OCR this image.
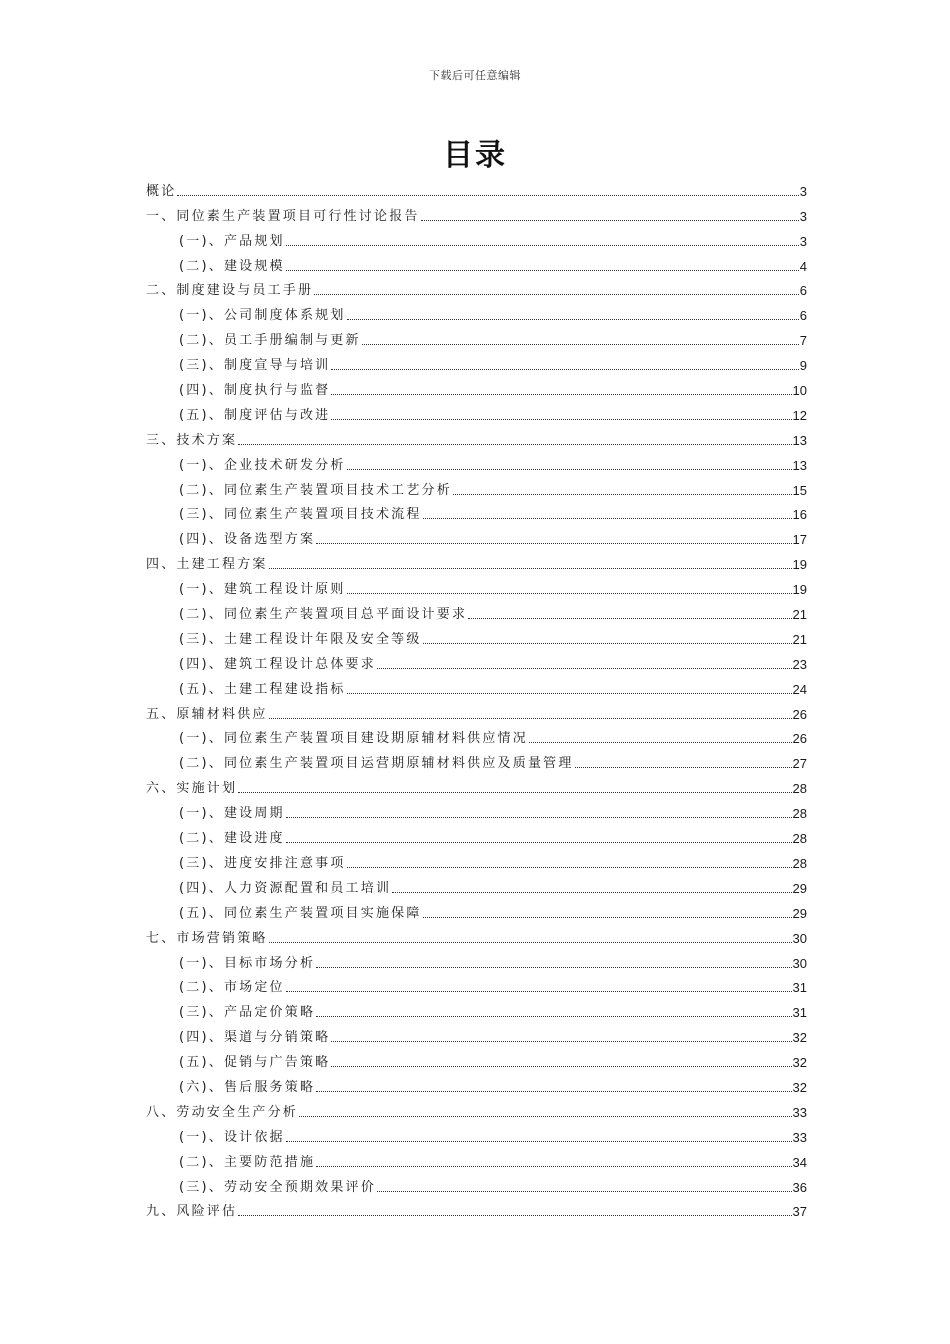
下载后可任意编辑
目录
概论	3
一、同位素生产装置项目可行性讨论报告	3
(一)、产品规划	3
(二)、建设规模	4
二、制度建设与员工手册	6
(一)、公司制度体系规划	6
(二)、员工手册编制与更新	7
(三)、制度宣导与培训	9
(四)、制度执行与监督	10
(五)、制度评估与改进	12
三、技术方案	13
(一)、企业技术研发分析	13
(二)、同位素生产装置项目技术工艺分析	15
(三)、同位素生产装置项目技术流程	16
(四)、设备选型方案	17
四、土建工程方案	19
(一)、建筑工程设计原则	19
(二)、同位素生产装置项目总平面设计要求	21
(三)、土建工程设计年限及安全等级	21
(四)、建筑工程设计总体要求	23
(五)、土建工程建设指标	24
五、原辅材料供应	26
(一)、同位素生产装置项目建设期原辅材料供应情况	26
(二)、同位素生产装置项目运营期原辅材料供应及质量管理	27
六、实施计划	28
(一)、建设周期	28
(二)、建设进度	28
(三)、进度安排注意事项	28
(四)、人力资源配置和员工培训	29
(五)、同位素生产装置项目实施保障	29
七、市场营销策略	30
(一)、目标市场分析	30
(二)、市场定位	31
(三)、产品定价策略	31
(四)、渠道与分销策略	32
(五)、促销与广告策略	32
(六)、售后服务策略	32
八、劳动安全生产分析	33
(一)、设计依据	33
(二)、主要防范措施	34
(三)、劳动安全预期效果评价	36
九、风险评估	37
